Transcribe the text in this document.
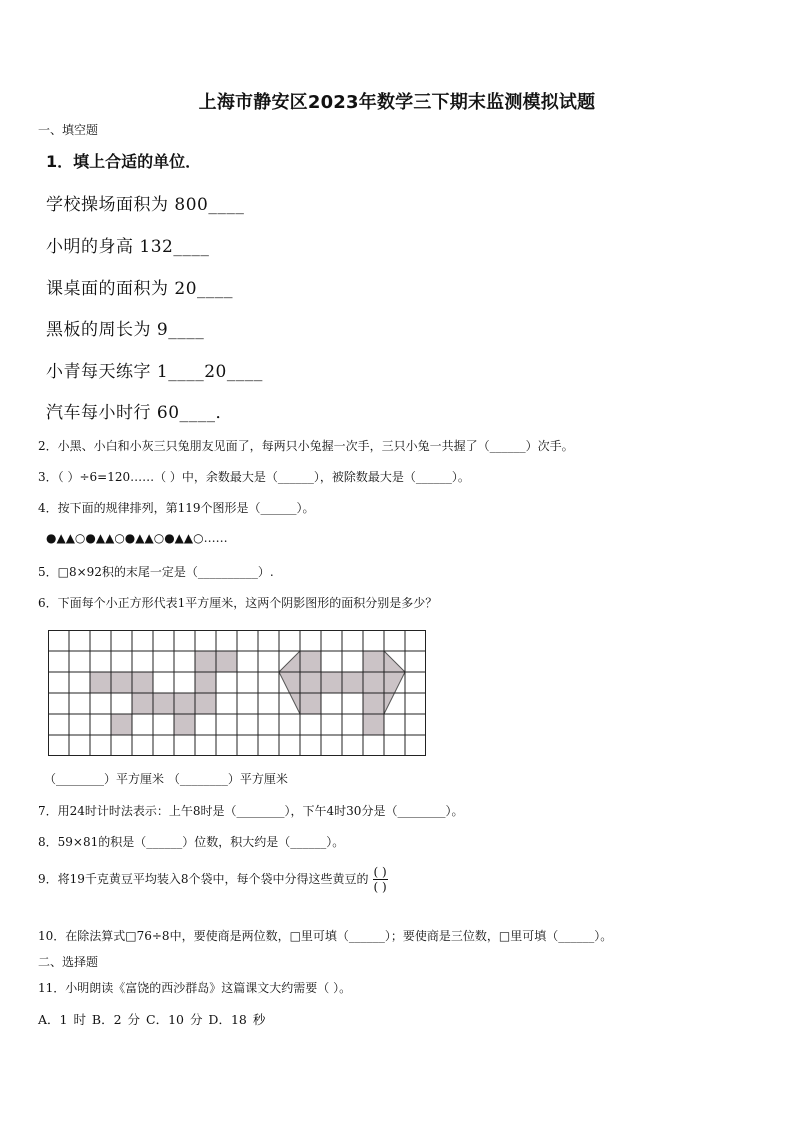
上海市静安区2023年数学三下期末监测模拟试题
一、填空题
1．填上合适的单位．
学校操场面积为 800____
小明的身高 132____
课桌面的面积为 20____
黑板的周长为 9____
小青每天练字 1____20____
汽车每小时行 60____．
2．小黑、小白和小灰三只兔朋友见面了，每两只小兔握一次手，三只小兔一共握了（______）次手。
3．（ ）÷6=120……（ ）中，余数最大是（______），被除数最大是（______）。
4．按下面的规律排列，第119个图形是（______）。
●▲▲○●▲▲○●▲▲○●▲▲○……
5．□8×92积的末尾一定是（__________）.
6．下面每个小正方形代表1平方厘米，这两个阴影图形的面积分别是多少？
（________）平方厘米 （________）平方厘米
7．用24时计时法表示：上午8时是（________），下午4时30分是（________）。
8．59×81的积是（______）位数，积大约是（______）。
9．将19千克黄豆平均装入8个袋中，每个袋中分得这些黄豆的 $\frac{( )}{( )}$
10．在除法算式□76÷8中，要使商是两位数，□里可填（______）；要使商是三位数，□里可填（______）。
二、选择题
11．小明朗读《富饶的西沙群岛》这篇课文大约需要（ ）。
A．1 时 B．2 分 C．10 分 D．18 秒
